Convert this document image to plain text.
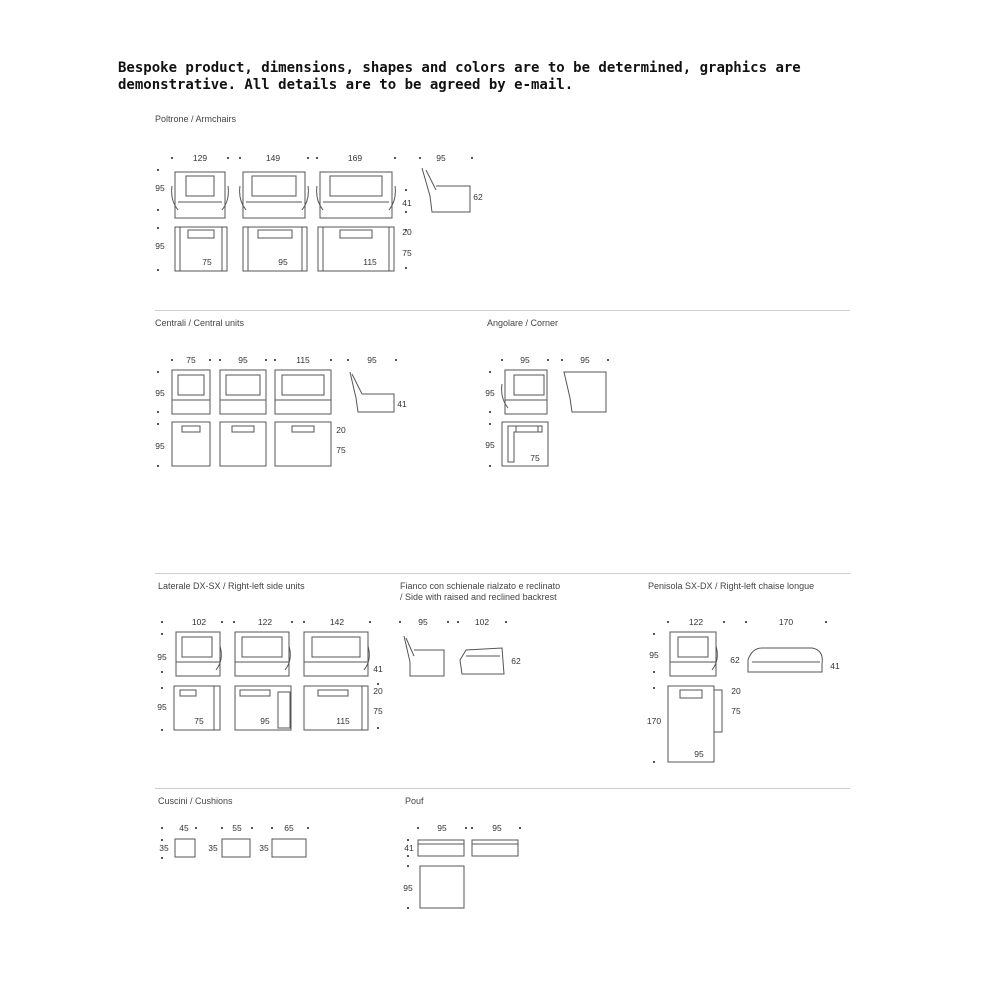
Bespoke product, dimensions, shapes and colors are to be determined, graphics are demonstrative. All details are to be agreed by e-mail.
Poltrone / Armchairs
Centrali / Central units	Angolare / Corner
Laterale DX-SX / Right-left side units	Fianco con schienale rialzato e reclinato
/ Side with raised and reclined backrest
Penisola SX-DX / Right-left chaise longue
Cuscini / Cushions	Pouf
129	149	169	95
95
41
62
95
75	95	115
20
75
75	95	115	95
95
41
95
20
75
95	95
95
95
75
102	122	142
95
41
95
75	95	115
20
75
95	102
62
122	170
95	62
41
20
75
170
95
45	55	65
35	35	35
95	95
41
95
